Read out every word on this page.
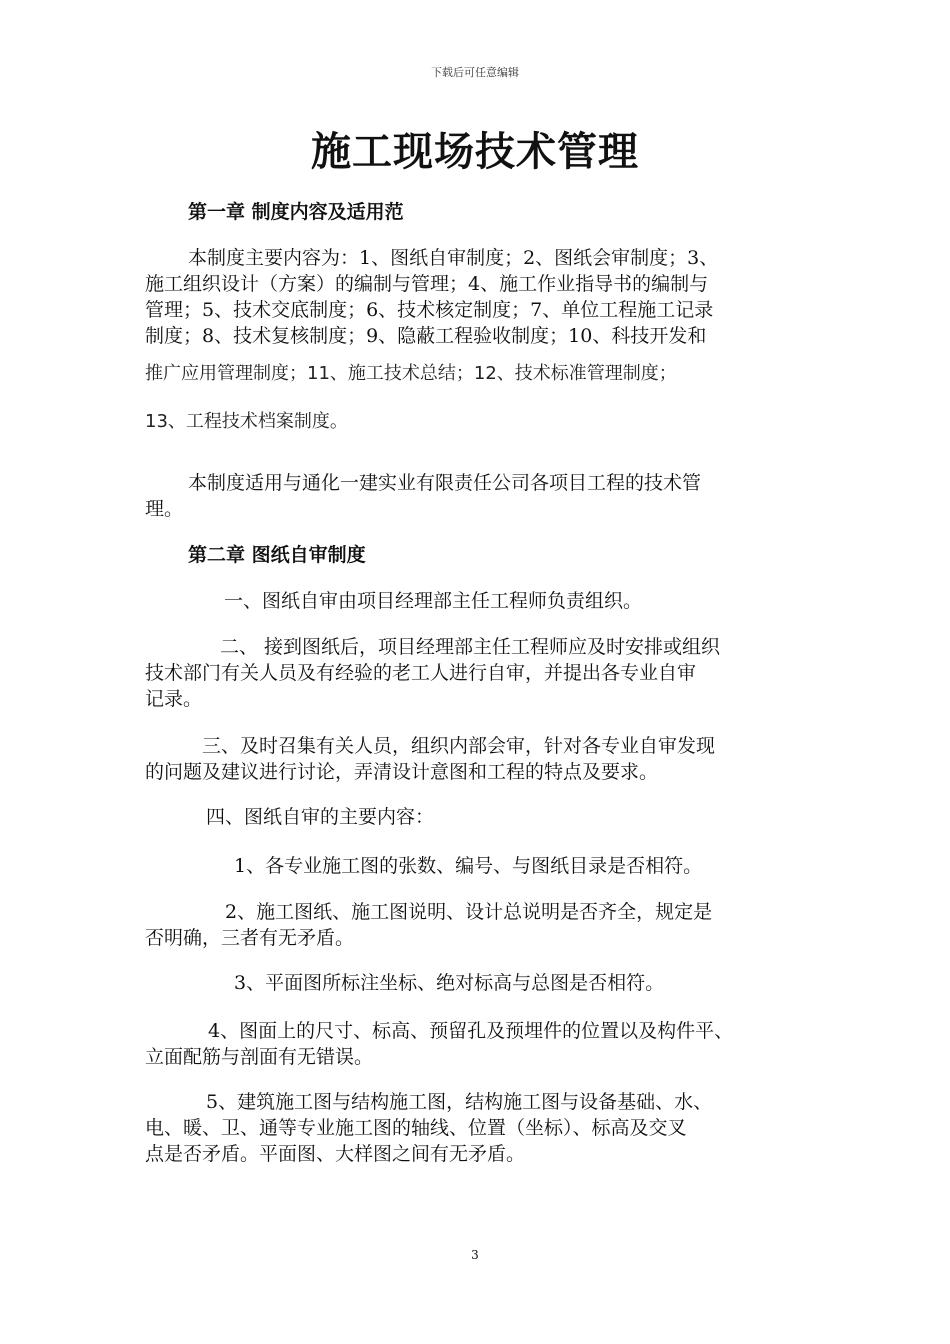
下载后可任意编辑
施工现场技术管理
第一章 制度内容及适用范
本制度主要内容为：1、图纸自审制度；2、图纸会审制度；3、
施工组织设计（方案）的编制与管理；4、施工作业指导书的编制与
管理；5、技术交底制度；6、技术核定制度；7、单位工程施工记录
制度；8、技术复核制度；9、隐蔽工程验收制度；10、科技开发和
推广应用管理制度；11、施工技术总结；12、技术标准管理制度；
13、工程技术档案制度。
本制度适用与通化一建实业有限责任公司各项目工程的技术管
理。
第二章 图纸自审制度
一、图纸自审由项目经理部主任工程师负责组织。
二、 接到图纸后，项目经理部主任工程师应及时安排或组织
技术部门有关人员及有经验的老工人进行自审，并提出各专业自审
记录。
三、及时召集有关人员，组织内部会审，针对各专业自审发现
的问题及建议进行讨论，弄清设计意图和工程的特点及要求。
四、图纸自审的主要内容：
1、各专业施工图的张数、编号、与图纸目录是否相符。
2、施工图纸、施工图说明、设计总说明是否齐全，规定是
否明确，三者有无矛盾。
3、平面图所标注坐标、绝对标高与总图是否相符。
4、图面上的尺寸、标高、预留孔及预埋件的位置以及构件平、
立面配筋与剖面有无错误。
5、建筑施工图与结构施工图，结构施工图与设备基础、水、
电、暖、卫、通等专业施工图的轴线、位置（坐标）、标高及交叉
点是否矛盾。平面图、大样图之间有无矛盾。
3
